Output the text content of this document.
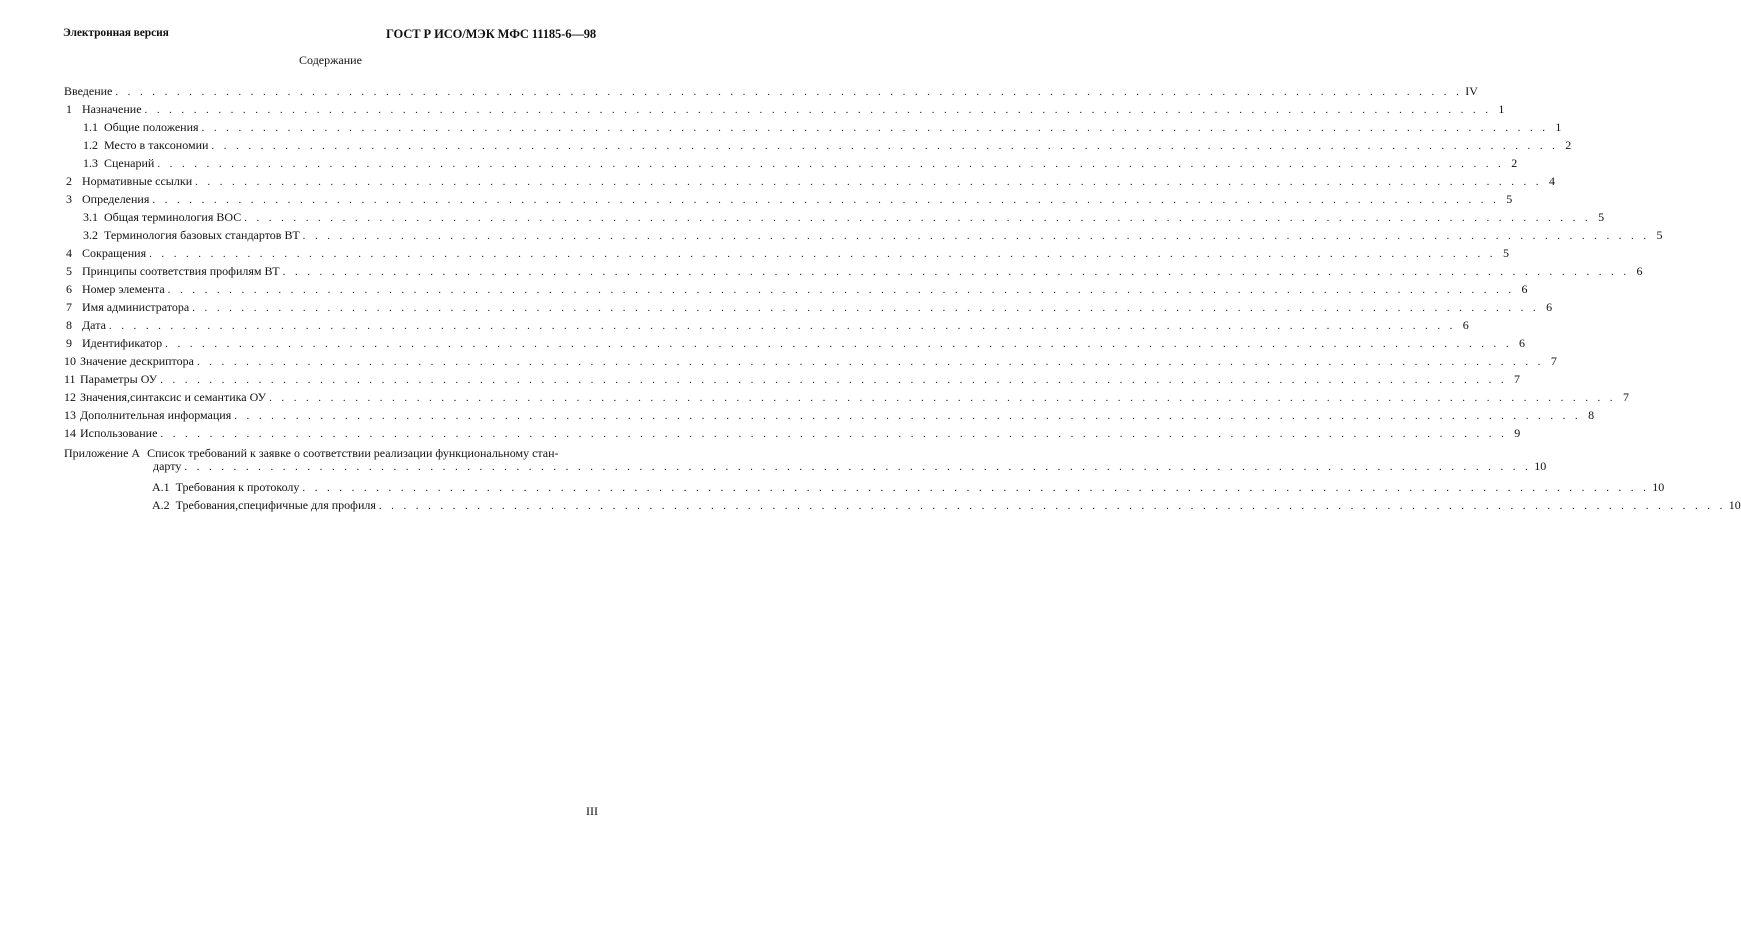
Электронная версия	ГОСТ Р ИСО/МЭК МФС 11185-6—98
Содержание
Введение . . . . . . . . . . . . . . . . . . . . . . . . . . . . . . . . . . . . . . . . . . . . . . . . . . . . . . . . . . . . . . . . . . . . . . . . . . . . . . . . . . . . . . . . . . . . . . . . . . . . . . . . . . . . . . IV
1 Назначение . . . . . . . . . . . . . . . . . . . . . . . . . . . . . . . . . . . . . . . . . . . . . . . . . . . . . . . . . . . . . . . . . . . . . . . . . . . . . . . . . . . . . . . . . . . . . . . . . . . . . . . . . . . . . . 1
1.1 Общие положения . . . . . . . . . . . . . . . . . . . . . . . . . . . . . . . . . . . . . . . . . . . . . . . . . . . . . . . . . . . . . . . . . . . . . . . . . . . . . . . . . . . . . . . . . . . . . . . . . . . . . . . . . . . . . . 1
1.2 Место в таксономии . . . . . . . . . . . . . . . . . . . . . . . . . . . . . . . . . . . . . . . . . . . . . . . . . . . . . . . . . . . . . . . . . . . . . . . . . . . . . . . . . . . . . . . . . . . . . . . . . . . . . . . . . . . . . . 2
1.3 Сценарий . . . . . . . . . . . . . . . . . . . . . . . . . . . . . . . . . . . . . . . . . . . . . . . . . . . . . . . . . . . . . . . . . . . . . . . . . . . . . . . . . . . . . . . . . . . . . . . . . . . . . . . . . . . . . . 2
2 Нормативные ссылки . . . . . . . . . . . . . . . . . . . . . . . . . . . . . . . . . . . . . . . . . . . . . . . . . . . . . . . . . . . . . . . . . . . . . . . . . . . . . . . . . . . . . . . . . . . . . . . . . . . . . . . . . . . . . . 4
3 Определения . . . . . . . . . . . . . . . . . . . . . . . . . . . . . . . . . . . . . . . . . . . . . . . . . . . . . . . . . . . . . . . . . . . . . . . . . . . . . . . . . . . . . . . . . . . . . . . . . . . . . . . . . . . . . . 5
3.1 Общая терминология ВОС . . . . . . . . . . . . . . . . . . . . . . . . . . . . . . . . . . . . . . . . . . . . . . . . . . . . . . . . . . . . . . . . . . . . . . . . . . . . . . . . . . . . . . . . . . . . . . . . . . . . . . . . . . . . . . 5
3.2 Терминология базовых стандартов ВТ . . . . . . . . . . . . . . . . . . . . . . . . . . . . . . . . . . . . . . . . . . . . . . . . . . . . . . . . . . . . . . . . . . . . . . . . . . . . . . . . . . . . . . . . . . . . . . . . . . . . . . . . . . . . . . 5
4 Сокращения . . . . . . . . . . . . . . . . . . . . . . . . . . . . . . . . . . . . . . . . . . . . . . . . . . . . . . . . . . . . . . . . . . . . . . . . . . . . . . . . . . . . . . . . . . . . . . . . . . . . . . . . . . . . . . 5
5 Принципы соответствия профилям ВТ . . . . . . . . . . . . . . . . . . . . . . . . . . . . . . . . . . . . . . . . . . . . . . . . . . . . . . . . . . . . . . . . . . . . . . . . . . . . . . . . . . . . . . . . . . . . . . . . . . . . . . . . . . . . . . 6
6 Номер элемента . . . . . . . . . . . . . . . . . . . . . . . . . . . . . . . . . . . . . . . . . . . . . . . . . . . . . . . . . . . . . . . . . . . . . . . . . . . . . . . . . . . . . . . . . . . . . . . . . . . . . . . . . . . . . . 6
7 Имя администратора . . . . . . . . . . . . . . . . . . . . . . . . . . . . . . . . . . . . . . . . . . . . . . . . . . . . . . . . . . . . . . . . . . . . . . . . . . . . . . . . . . . . . . . . . . . . . . . . . . . . . . . . . . . . . . 6
8 Дата . . . . . . . . . . . . . . . . . . . . . . . . . . . . . . . . . . . . . . . . . . . . . . . . . . . . . . . . . . . . . . . . . . . . . . . . . . . . . . . . . . . . . . . . . . . . . . . . . . . . . . . . . . . . . . 6
9 Идентификатор . . . . . . . . . . . . . . . . . . . . . . . . . . . . . . . . . . . . . . . . . . . . . . . . . . . . . . . . . . . . . . . . . . . . . . . . . . . . . . . . . . . . . . . . . . . . . . . . . . . . . . . . . . . . . . 6
10 Значение дескриптора . . . . . . . . . . . . . . . . . . . . . . . . . . . . . . . . . . . . . . . . . . . . . . . . . . . . . . . . . . . . . . . . . . . . . . . . . . . . . . . . . . . . . . . . . . . . . . . . . . . . . . . . . . . . . . 7
11 Параметры ОУ . . . . . . . . . . . . . . . . . . . . . . . . . . . . . . . . . . . . . . . . . . . . . . . . . . . . . . . . . . . . . . . . . . . . . . . . . . . . . . . . . . . . . . . . . . . . . . . . . . . . . . . . . . . . . . 7
12 Значения,синтаксис и семантика ОУ . . . . . . . . . . . . . . . . . . . . . . . . . . . . . . . . . . . . . . . . . . . . . . . . . . . . . . . . . . . . . . . . . . . . . . . . . . . . . . . . . . . . . . . . . . . . . . . . . . . . . . . . . . . . . . 7
13 Дополнительная информация . . . . . . . . . . . . . . . . . . . . . . . . . . . . . . . . . . . . . . . . . . . . . . . . . . . . . . . . . . . . . . . . . . . . . . . . . . . . . . . . . . . . . . . . . . . . . . . . . . . . . . . . . . . . . . 8
14 Использование . . . . . . . . . . . . . . . . . . . . . . . . . . . . . . . . . . . . . . . . . . . . . . . . . . . . . . . . . . . . . . . . . . . . . . . . . . . . . . . . . . . . . . . . . . . . . . . . . . . . . . . . . . . . . . 9
Приложение А Список требований к заявке о соответствии реализации функциональному стан-
дарту . . . . . . . . . . . . . . . . . . . . . . . . . . . . . . . . . . . . . . . . . . . . . . . . . . . . . . . . . . . . . . . . . . . . . . . . . . . . . . . . . . . . . . . . . . . . . . . . . . . . . . . . . . . . . . 10
А.1 Требования к протоколу . . . . . . . . . . . . . . . . . . . . . . . . . . . . . . . . . . . . . . . . . . . . . . . . . . . . . . . . . . . . . . . . . . . . . . . . . . . . . . . . . . . . . . . . . . . . . . . . . . . . . . . . . . . . . . 10
А.2 Требования,специфичные для профиля . . . . . . . . . . . . . . . . . . . . . . . . . . . . . . . . . . . . . . . . . . . . . . . . . . . . . . . . . . . . . . . . . . . . . . . . . . . . . . . . . . . . . . . . . . . . . . . . . . . . . . . . . . . . . . 10
III
